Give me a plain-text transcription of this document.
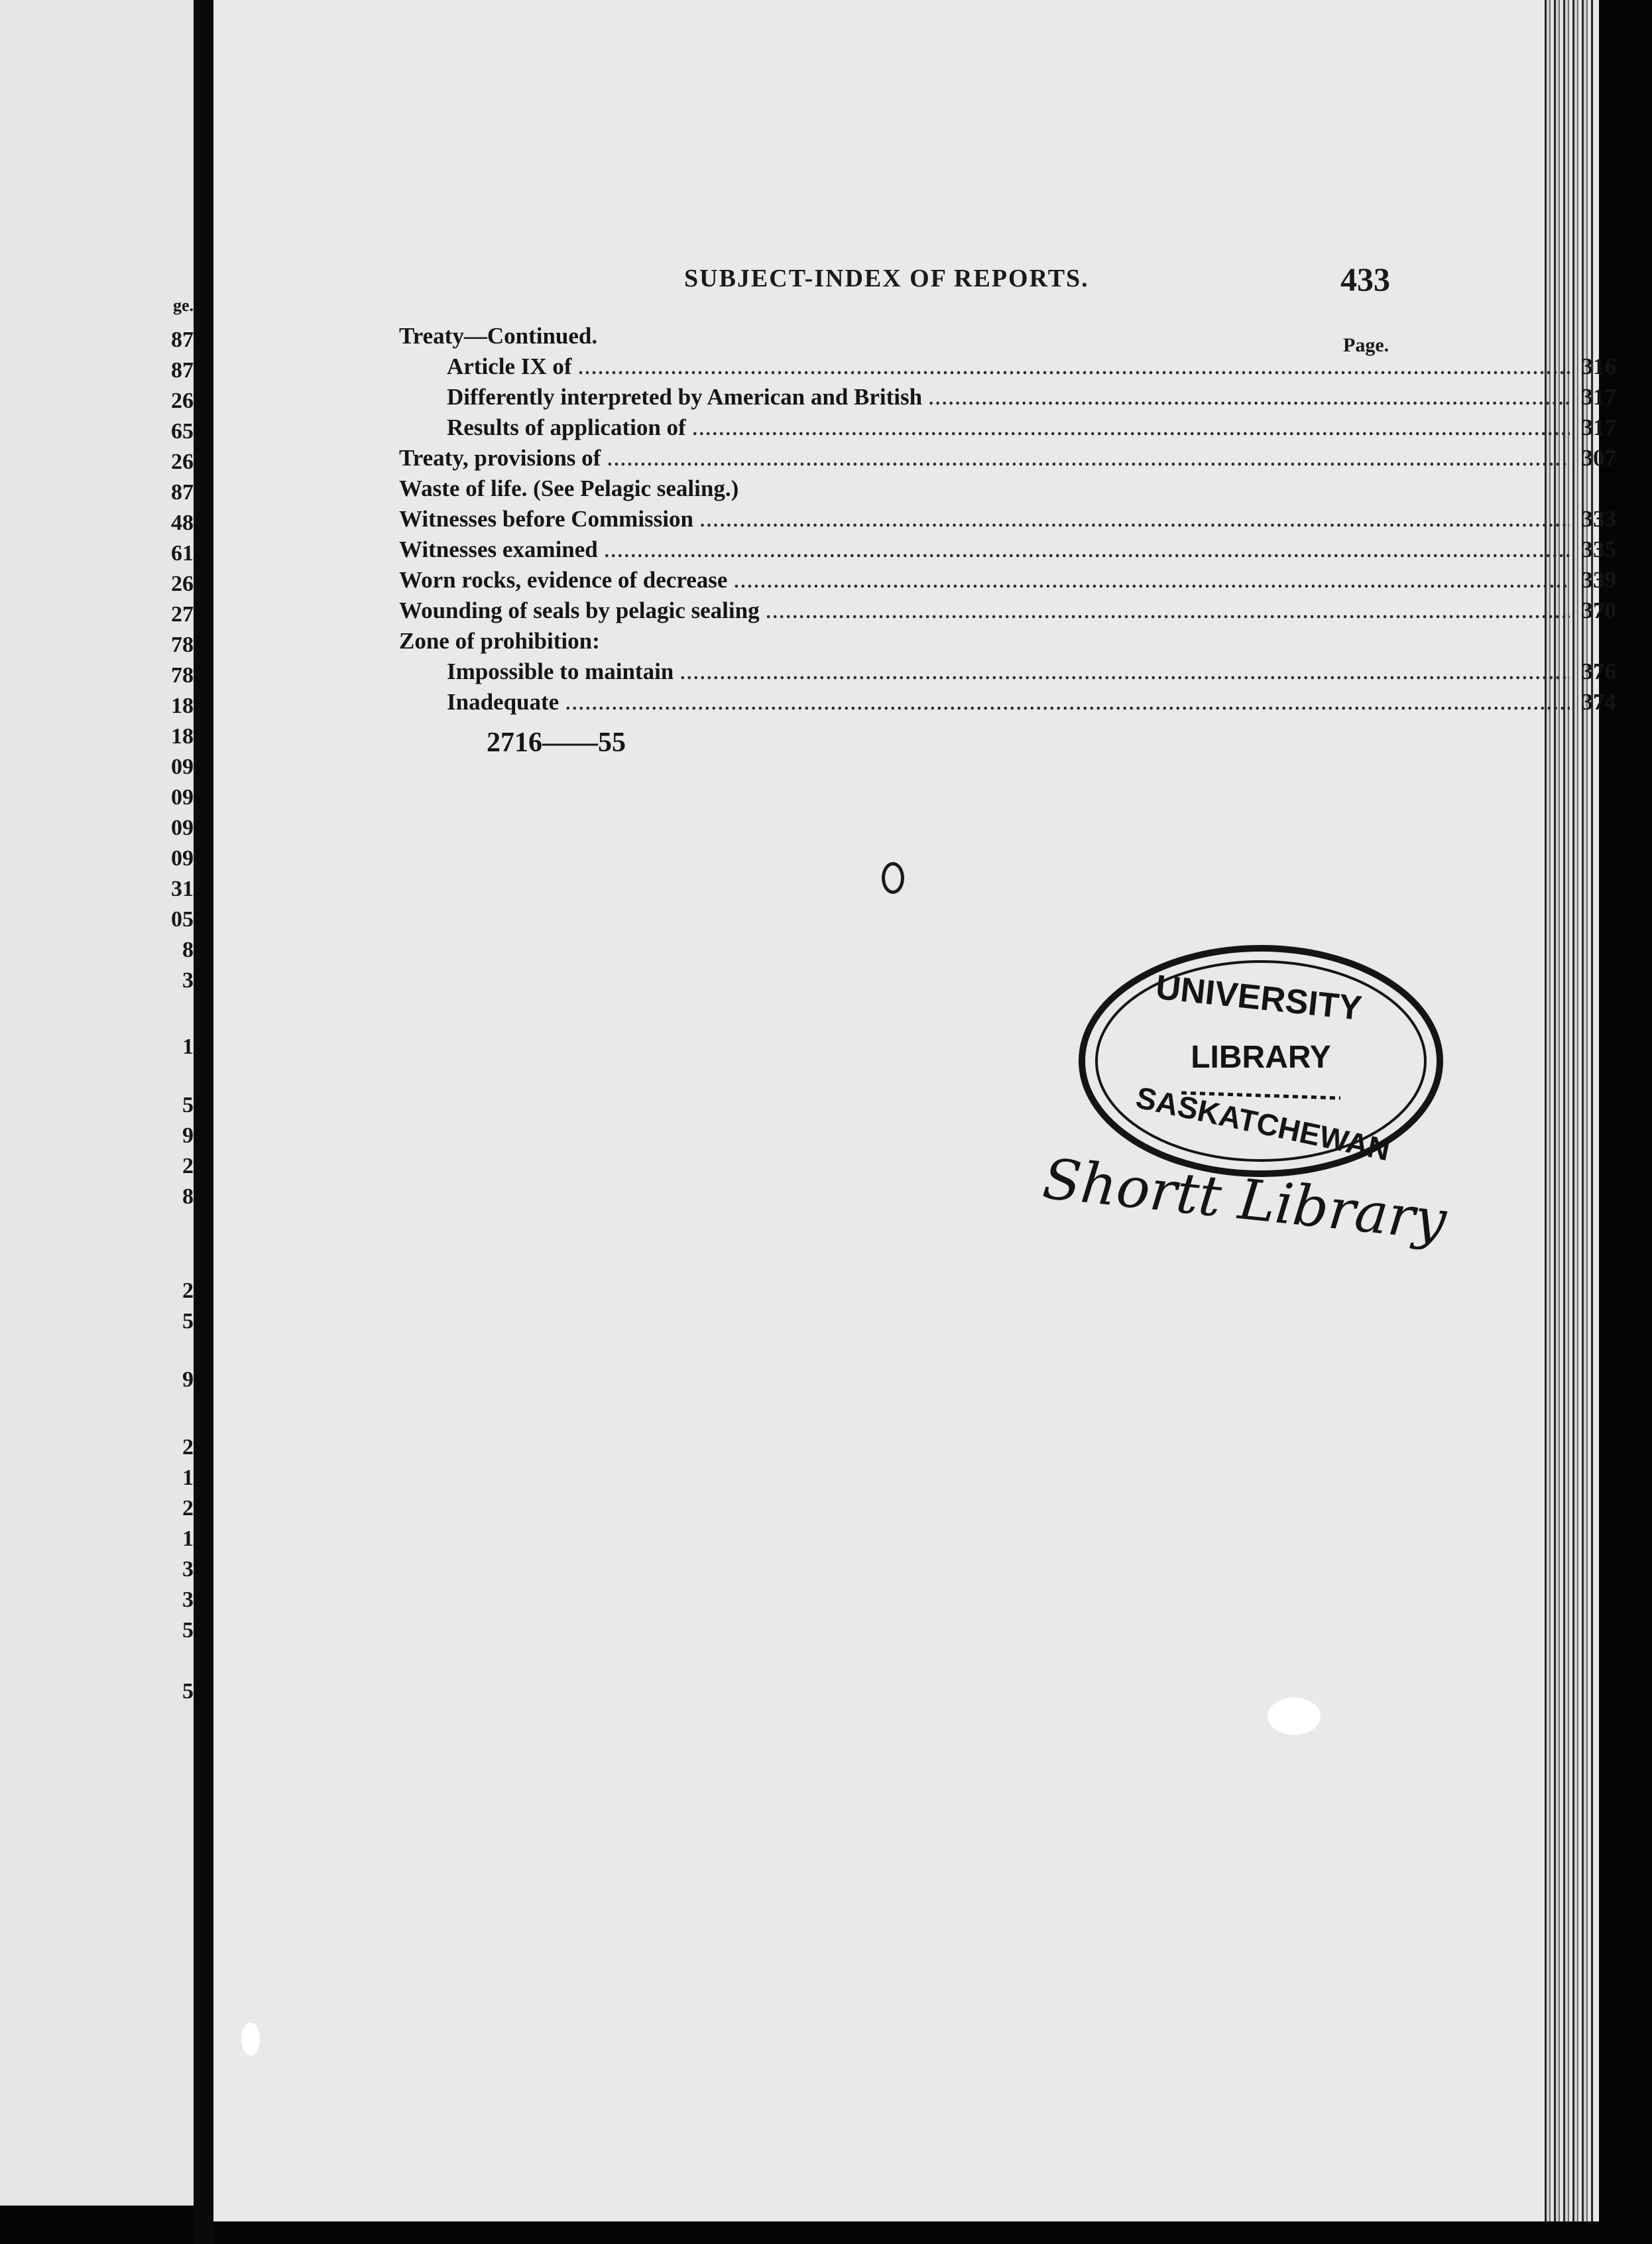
ge.
87
87
26
65
26
87
48
61
26
27
78
78
18
18
09
09
09
09
31
05
8
3
1
5
9
2
8
2
5
9
2
1
2
1
3
3
5
5
SUBJECT-INDEX OF REPORTS.	433
Page.
Treaty—Continued.
Article IX of .....	316
Differently interpreted by American and British .....	317
Results of application of .....	317
Treaty, provisions of .....	307
Waste of life. (See Pelagic sealing.)
Witnesses before Commission .....	333
Witnesses examined .....	335
Worn rocks, evidence of decrease .....	339
Wounding of seals by pelagic sealing .....	370
Zone of prohibition:
Impossible to maintain .....	376
Inadequate .....	374
2716——55
UNIVERSITY
LIBRARY
SASKATCHEWAN
Shortt Library
